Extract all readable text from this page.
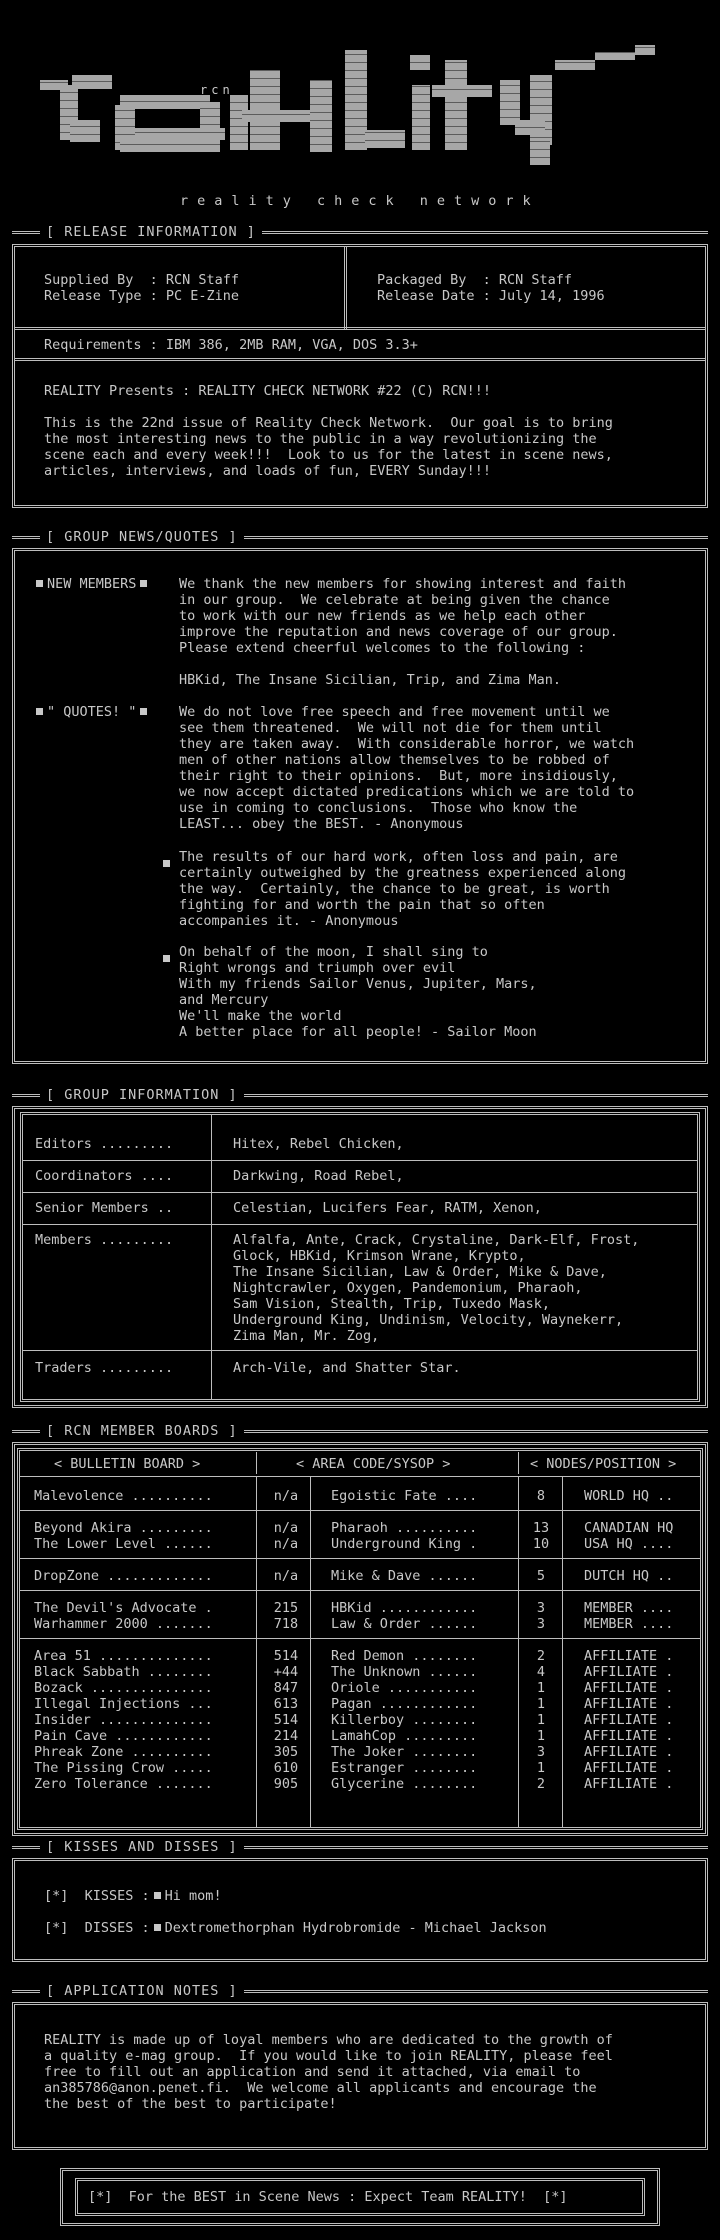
rcn
reality check network
[ RELEASE INFORMATION ]
Supplied By  : RCN Staff
Release Type : PC E-Zine
Packaged By  : RCN Staff
Release Date : July 14, 1996
Requirements : IBM 386, 2MB RAM, VGA, DOS 3.3+
REALITY Presents : REALITY CHECK NETWORK #22 (C) RCN!!!
This is the 22nd issue of Reality Check Network.  Our goal is to bring
the most interesting news to the public in a way revolutionizing the
scene each and every week!!!  Look to us for the latest in scene news,
articles, interviews, and loads of fun, EVERY Sunday!!!
[ GROUP NEWS/QUOTES ]
NEW MEMBERS	We thank the new members for showing interest and faith
in our group.  We celebrate at being given the chance
to work with our new friends as we help each other
improve the reputation and news coverage of our group.
Please extend cheerful welcomes to the following :
HBKid, The Insane Sicilian, Trip, and Zima Man.
" QUOTES! "	We do not love free speech and free movement until we
see them threatened.  We will not die for them until
they are taken away.  With considerable horror, we watch
men of other nations allow themselves to be robbed of
their right to their opinions.  But, more insidiously,
we now accept dictated predications which we are told to
use in coming to conclusions.  Those who know the
LEAST... obey the BEST. - Anonymous
The results of our hard work, often loss and pain, are
certainly outweighed by the greatness experienced along
the way.  Certainly, the chance to be great, is worth
fighting for and worth the pain that so often
accompanies it. - Anonymous
On behalf of the moon, I shall sing to
Right wrongs and triumph over evil
With my friends Sailor Venus, Jupiter, Mars,
and Mercury
We'll make the world
A better place for all people! - Sailor Moon
[ GROUP INFORMATION ]
Editors .........	Hitex, Rebel Chicken,
Coordinators ....	Darkwing, Road Rebel,
Senior Members ..	Celestian, Lucifers Fear, RATM, Xenon,
Members .........	Alfalfa, Ante, Crack, Crystaline, Dark-Elf, Frost,
Glock, HBKid, Krimson Wrane, Krypto,
The Insane Sicilian, Law & Order, Mike & Dave,
Nightcrawler, Oxygen, Pandemonium, Pharaoh,
Sam Vision, Stealth, Trip, Tuxedo Mask,
Underground King, Undinism, Velocity, Waynekerr,
Zima Man, Mr. Zog,
Traders .........	Arch-Vile, and Shatter Star.
[ RCN MEMBER BOARDS ]
< BULLETIN BOARD >	< AREA CODE/SYSOP >	< NODES/POSITION >
Malevolence ..........	n/a	Egoistic Fate ....	8	WORLD HQ ..
Beyond Akira .........	n/a	Pharaoh ..........	13	CANADIAN HQ
The Lower Level ......	n/a	Underground King .	10	USA HQ ....
DropZone .............	n/a	Mike & Dave ......	5	DUTCH HQ ..
The Devil's Advocate .	215	HBKid ............	3	MEMBER ....
Warhammer 2000 .......	718	Law & Order ......	3	MEMBER ....
Area 51 ..............	514	Red Demon ........	2	AFFILIATE .
Black Sabbath ........	+44	The Unknown ......	4	AFFILIATE .
Bozack ...............	847	Oriole ...........	1	AFFILIATE .
Illegal Injections ...	613	Pagan ............	1	AFFILIATE .
Insider ..............	514	Killerboy ........	1	AFFILIATE .
Pain Cave ............	214	LamahCop .........	1	AFFILIATE .
Phreak Zone ..........	305	The Joker ........	3	AFFILIATE .
The Pissing Crow .....	610	Estranger ........	1	AFFILIATE .
Zero Tolerance .......	905	Glycerine ........	2	AFFILIATE .
[ KISSES AND DISSES ]
[*]  KISSES : Hi mom!
[*]  DISSES : Dextromethorphan Hydrobromide - Michael Jackson
[ APPLICATION NOTES ]
REALITY is made up of loyal members who are dedicated to the growth of
a quality e-mag group.  If you would like to join REALITY, please feel
free to fill out an application and send it attached, via email to
an385786@anon.penet.fi.  We welcome all applicants and encourage the
the best of the best to participate!
[*]  For the BEST in Scene News : Expect Team REALITY!  [*]
